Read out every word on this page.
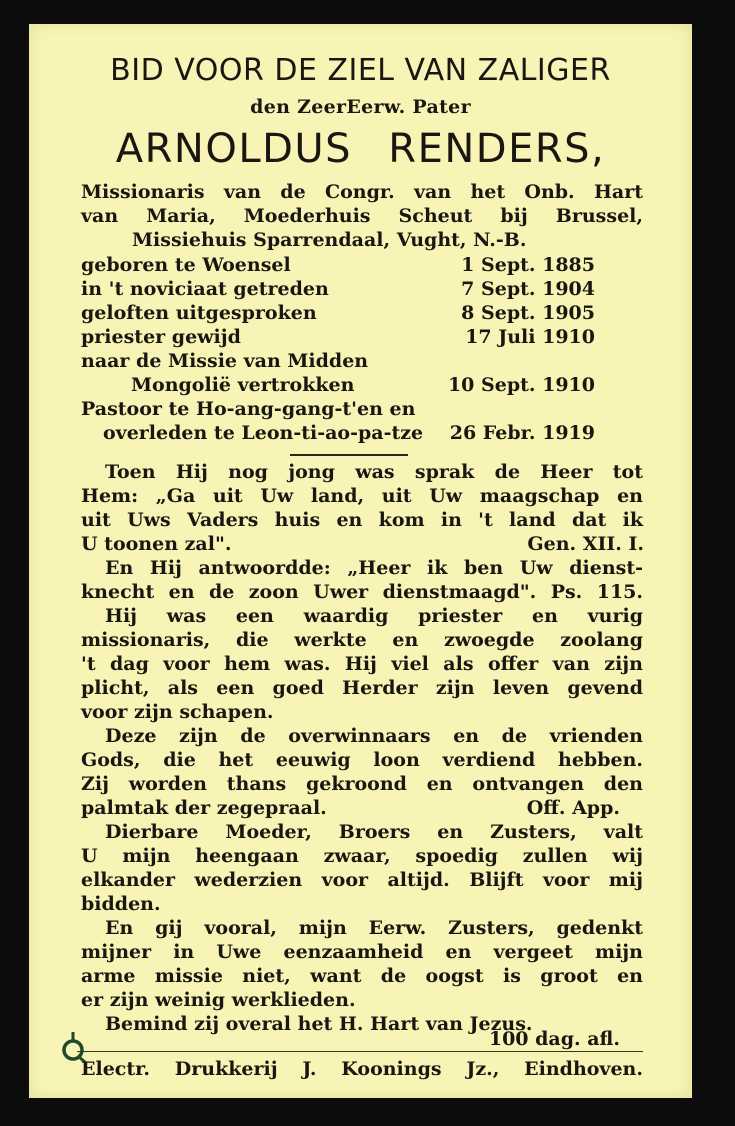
BID VOOR DE ZIEL VAN ZALIGER
den ZeerEerw. Pater
ARNOLDUS RENDERS,
Missionaris van de Congr. van het Onb. Hart
van Maria, Moederhuis Scheut bij Brussel,
Missiehuis Sparrendaal, Vught, N.-B.
geboren te Woensel	1 Sept. 1885
in 't noviciaat getreden	7 Sept. 1904
geloften uitgesproken	8 Sept. 1905
priester gewijd	17 Juli 1910
naar de Missie van Midden
Mongolië vertrokken	10 Sept. 1910
Pastoor te Ho-ang-gang-t'en en
overleden te Leon-ti-ao-pa-tze 26 Febr. 1919
Toen Hij nog jong was sprak de Heer tot
Hem: „Ga uit Uw land, uit Uw maagschap en
uit Uws Vaders huis en kom in 't land dat ik
U toonen zal".	Gen. XII. I.
En Hij antwoordde: „Heer ik ben Uw dienst-
knecht en de zoon Uwer dienstmaagd". Ps. 115.
Hij was een waardig priester en vurig
missionaris, die werkte en zwoegde zoolang
't dag voor hem was. Hij viel als offer van zijn
plicht, als een goed Herder zijn leven gevend
voor zijn schapen.
Deze zijn de overwinnaars en de vrienden
Gods, die het eeuwig loon verdiend hebben.
Zij worden thans gekroond en ontvangen den
palmtak der zegepraal.	Off. App.
Dierbare Moeder, Broers en Zusters, valt
U mijn heengaan zwaar, spoedig zullen wij
elkander wederzien voor altijd. Blijft voor mij
bidden.
En gij vooral, mijn Eerw. Zusters, gedenkt
mijner in Uwe eenzaamheid en vergeet mijn
arme missie niet, want de oogst is groot en
er zijn weinig werklieden.
Bemind zij overal het H. Hart van Jezus.
100 dag. afl.
Electr. Drukkerij J. Koonings Jz., Eindhoven.
